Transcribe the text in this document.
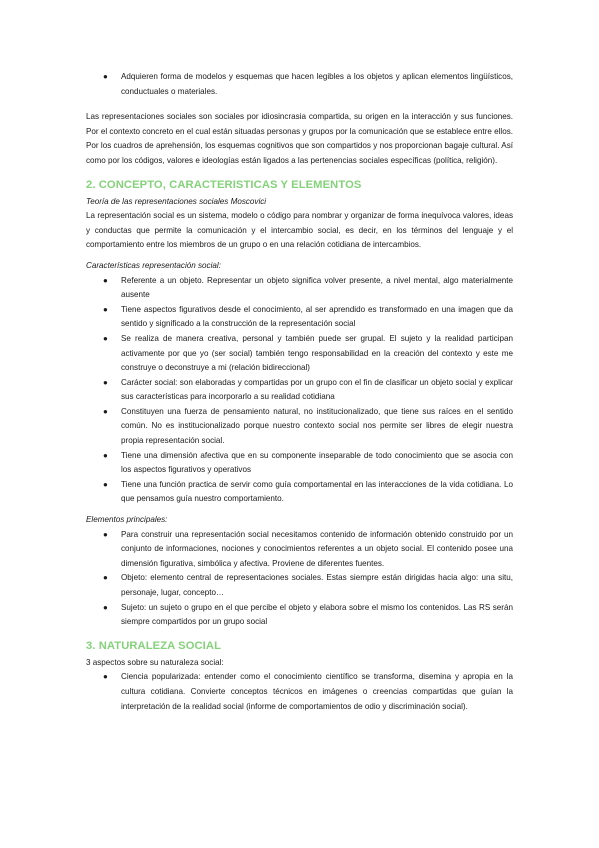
● Adquieren forma de modelos y esquemas que hacen legibles a los objetos y aplican elementos lingüísticos, conductuales o materiales.

Las representaciones sociales son sociales por idiosincrasia compartida, su origen en la interacción y sus funciones. Por el contexto concreto en el cual están situadas personas y grupos por la comunicación que se establece entre ellos. Por los cuadros de aprehensión, los esquemas cognitivos que son compartidos y nos proporcionan bagaje cultural. Así como por los códigos, valores e ideologías están ligados a las pertenencias sociales específicas (política, religión).

2. CONCEPTO, CARACTERISTICAS Y ELEMENTOS

Teoría de las representaciones sociales Moscovici

La representación social es un sistema, modelo o código para nombrar y organizar de forma inequívoca valores, ideas y conductas que permite la comunicación y el intercambio social, es decir, en los términos del lenguaje y el comportamiento entre los miembros de un grupo o en una relación cotidiana de intercambios.

Características representación social:

● Referente a un objeto. Representar un objeto significa volver presente, a nivel mental, algo materialmente ausente
● Tiene aspectos figurativos desde el conocimiento, al ser aprendido es transformado en una imagen que da sentido y significado a la construcción de la representación social
● Se realiza de manera creativa, personal y también puede ser grupal. El sujeto y la realidad participan activamente por que yo (ser social) también tengo responsabilidad en la creación del contexto y este me construye o deconstruye a mi (relación bidireccional)
● Carácter social: son elaboradas y compartidas por un grupo con el fin de clasificar un objeto social y explicar sus características para incorporarlo a su realidad cotidiana
● Constituyen una fuerza de pensamiento natural, no institucionalizado, que tiene sus raíces en el sentido común. No es institucionalizado porque nuestro contexto social nos permite ser libres de elegir nuestra propia representación social.
● Tiene una dimensión afectiva que en su componente inseparable de todo conocimiento que se asocia con los aspectos figurativos y operativos
● Tiene una función practica de servir como guía comportamental en las interacciones de la vida cotidiana. Lo que pensamos guía nuestro comportamiento.

Elementos principales:

● Para construir una representación social necesitamos contenido de información obtenido construido por un conjunto de informaciones, nociones y conocimientos referentes a un objeto social. El contenido posee una dimensión figurativa, simbólica y afectiva. Proviene de diferentes fuentes.
● Objeto: elemento central de representaciones sociales. Estas siempre están dirigidas hacia algo: una situ, personaje, lugar, concepto…
● Sujeto: un sujeto o grupo en el que percibe el objeto y elabora sobre el mismo los contenidos. Las RS serán siempre compartidos por un grupo social
3. NATURALEZA SOCIAL

3 aspectos sobre su naturaleza social:

● Ciencia popularizada: entender como el conocimiento científico se transforma, disemina y apropia en la cultura cotidiana. Convierte conceptos técnicos en imágenes o creencias compartidas que guían la interpretación de la realidad social (informe de comportamientos de odio y discriminación social).
